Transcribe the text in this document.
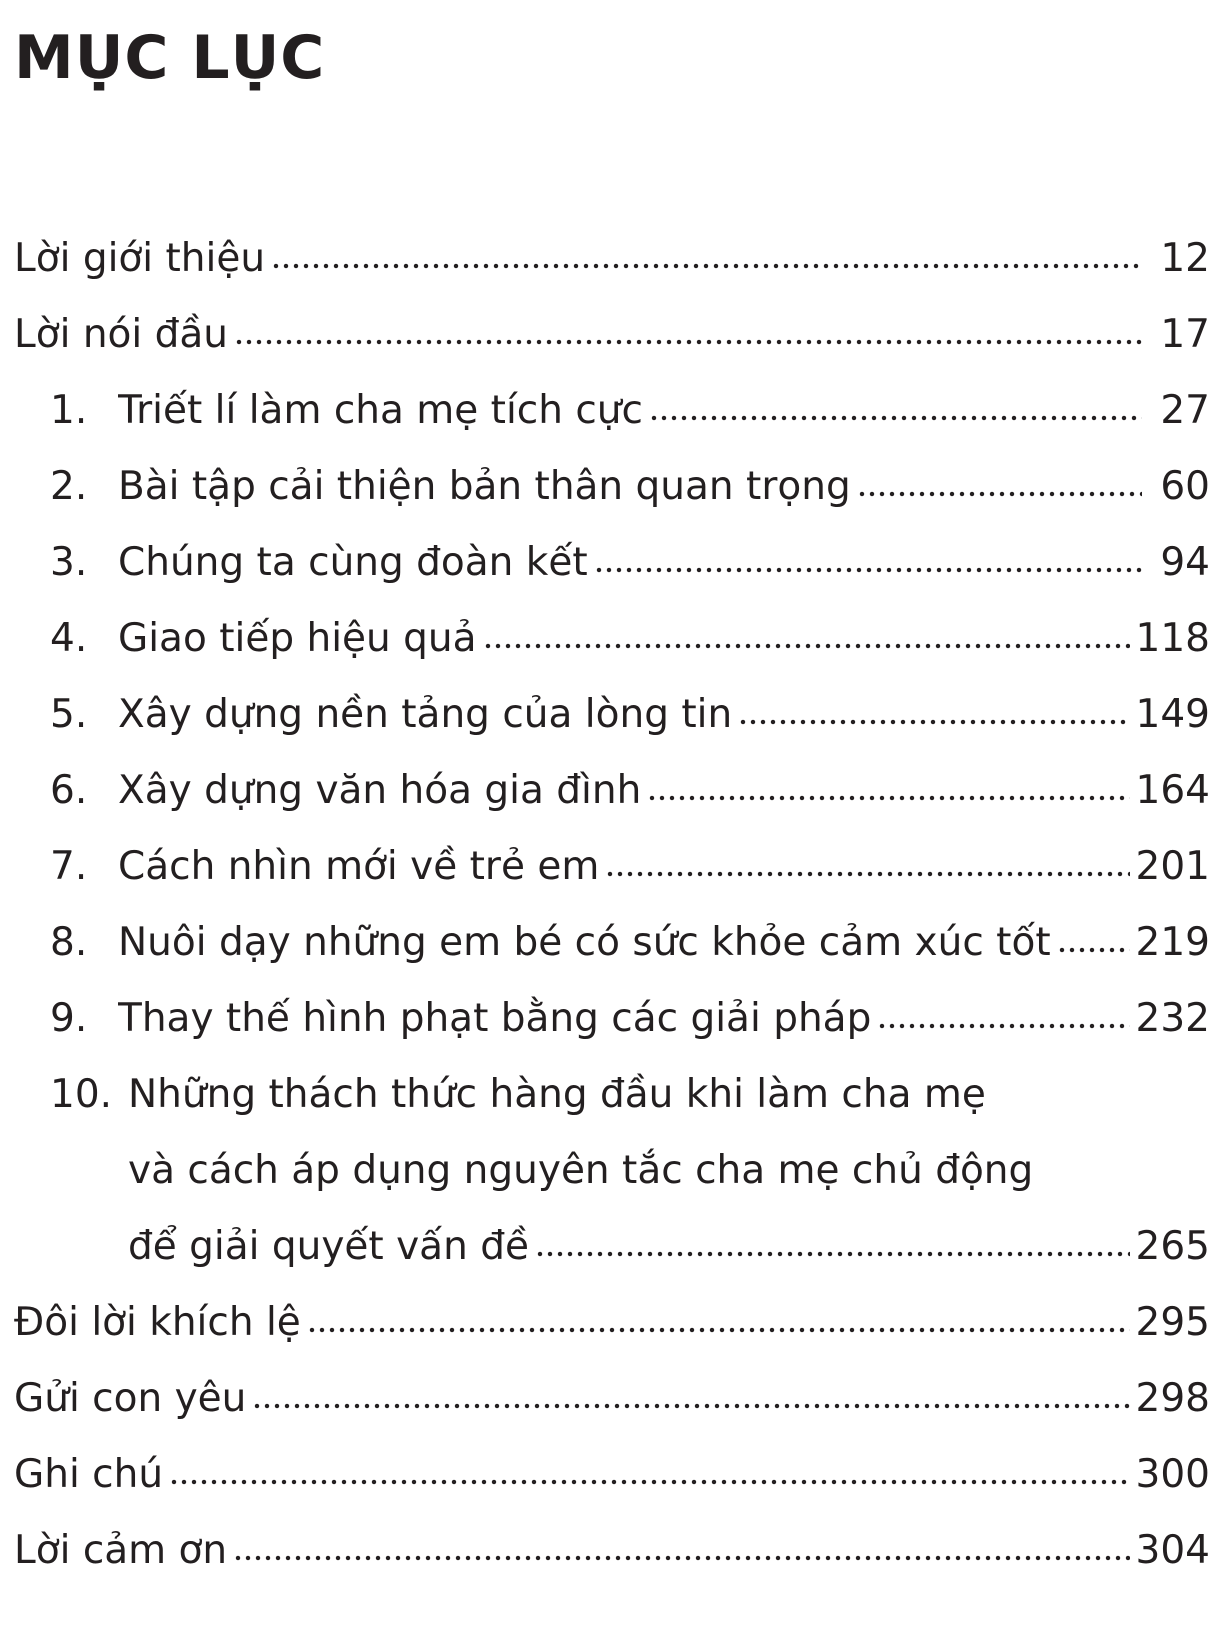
MỤC LỤC
Lời giới thiệu	12
Lời nói đầu	17
1. Triết lí làm cha mẹ tích cực	27
2. Bài tập cải thiện bản thân quan trọng	60
3. Chúng ta cùng đoàn kết	94
4. Giao tiếp hiệu quả	118
5. Xây dựng nền tảng của lòng tin	149
6. Xây dựng văn hóa gia đình	164
7. Cách nhìn mới về trẻ em	201
8. Nuôi dạy những em bé có sức khỏe cảm xúc tốt 219
9. Thay thế hình phạt bằng các giải pháp	232
10. Những thách thức hàng đầu khi làm cha mẹ
và cách áp dụng nguyên tắc cha mẹ chủ động
để giải quyết vấn đề	265
Đôi lời khích lệ	295
Gửi con yêu	298
Ghi chú	300
Lời cảm ơn	304
